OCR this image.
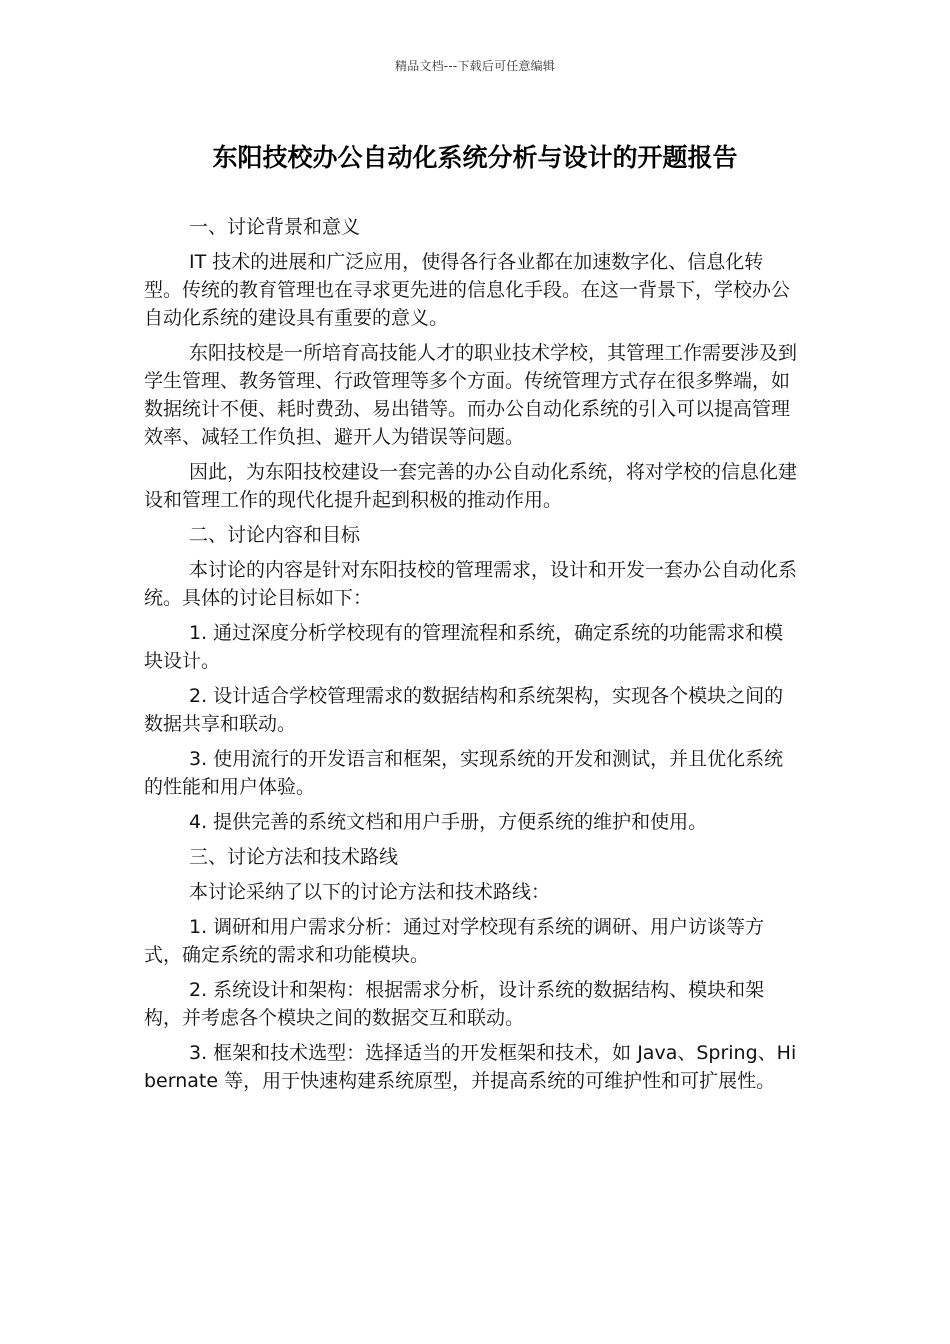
精品文档---下载后可任意编辑
东阳技校办公自动化系统分析与设计的开题报告

一、讨论背景和意义

IT 技术的进展和广泛应用，使得各行各业都在加速数字化、信息化转型。传统的教育管理也在寻求更先进的信息化手段。在这一背景下，学校办公自动化系统的建设具有重要的意义。

东阳技校是一所培育高技能人才的职业技术学校，其管理工作需要涉及到学生管理、教务管理、行政管理等多个方面。传统管理方式存在很多弊端，如数据统计不便、耗时费劲、易出错等。而办公自动化系统的引入可以提高管理效率、减轻工作负担、避开人为错误等问题。

因此，为东阳技校建设一套完善的办公自动化系统，将对学校的信息化建设和管理工作的现代化提升起到积极的推动作用。

二、讨论内容和目标

本讨论的内容是针对东阳技校的管理需求，设计和开发一套办公自动化系统。具体的讨论目标如下：

1. 通过深度分析学校现有的管理流程和系统，确定系统的功能需求和模块设计。

2. 设计适合学校管理需求的数据结构和系统架构，实现各个模块之间的数据共享和联动。

3. 使用流行的开发语言和框架，实现系统的开发和测试，并且优化系统的性能和用户体验。

4. 提供完善的系统文档和用户手册，方便系统的维护和使用。

三、讨论方法和技术路线

本讨论采纳了以下的讨论方法和技术路线：

1. 调研和用户需求分析：通过对学校现有系统的调研、用户访谈等方式，确定系统的需求和功能模块。

2. 系统设计和架构：根据需求分析，设计系统的数据结构、模块和架构，并考虑各个模块之间的数据交互和联动。

3. 框架和技术选型：选择适当的开发框架和技术，如 Java、Spring、Hibernate 等，用于快速构建系统原型，并提高系统的可维护性和可扩展性。
